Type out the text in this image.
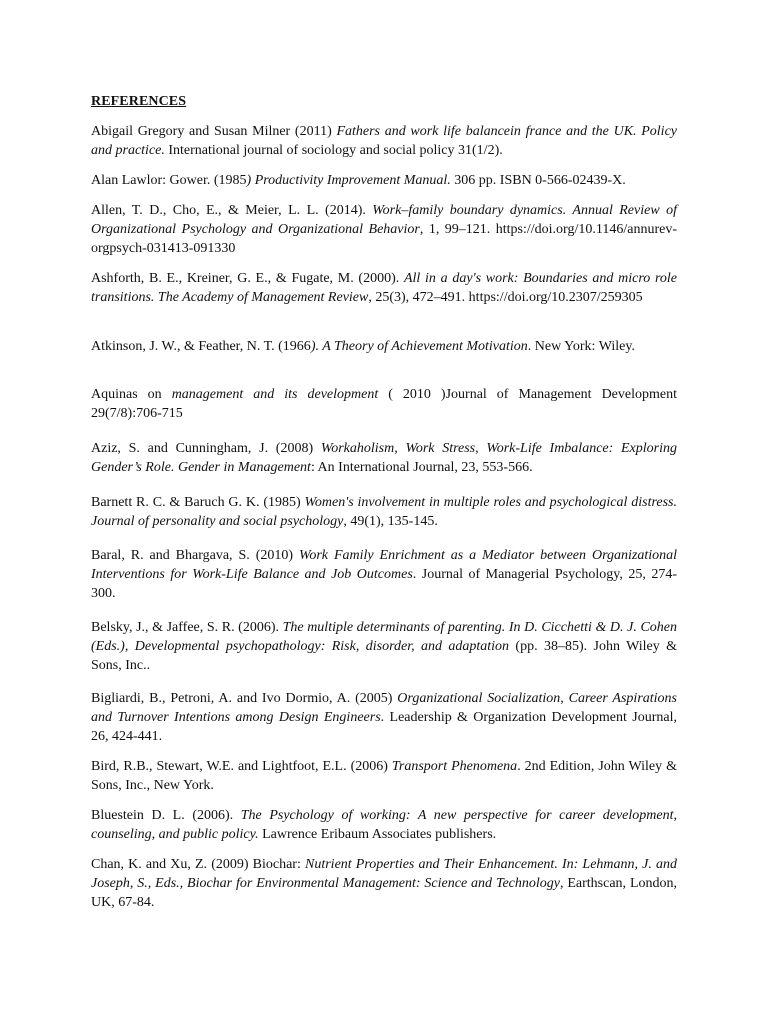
REFERENCES
Abigail Gregory and Susan Milner (2011) Fathers and work life balancein france and the UK. Policy and practice. International journal of sociology and social policy 31(1/2).
Alan Lawlor: Gower. (1985) Productivity Improvement Manual. 306 pp. ISBN 0-566-02439-X.
Allen, T. D., Cho, E., & Meier, L. L. (2014). Work–family boundary dynamics. Annual Review of Organizational Psychology and Organizational Behavior, 1, 99–121. https://doi.org/10.1146/annurev-orgpsych-031413-091330
Ashforth, B. E., Kreiner, G. E., & Fugate, M. (2000). All in a day's work: Boundaries and micro role transitions. The Academy of Management Review, 25(3), 472–491. https://doi.org/10.2307/259305
Atkinson, J. W., & Feather, N. T. (1966). A Theory of Achievement Motivation. New York: Wiley.
Aquinas on management and its development ( 2010 )Journal of Management Development 29(7/8):706-715
Aziz, S. and Cunningham, J. (2008) Workaholism, Work Stress, Work-Life Imbalance: Exploring Gender’s Role. Gender in Management: An International Journal, 23, 553-566.
Barnett R. C. & Baruch G. K. (1985) Women's involvement in multiple roles and psychological distress. Journal of personality and social psychology, 49(1), 135-145.
Baral, R. and Bhargava, S. (2010) Work Family Enrichment as a Mediator between Organizational Interventions for Work-Life Balance and Job Outcomes. Journal of Managerial Psychology, 25, 274-300.
Belsky, J., & Jaffee, S. R. (2006). The multiple determinants of parenting. In D. Cicchetti & D. J. Cohen (Eds.), Developmental psychopathology: Risk, disorder, and adaptation (pp. 38–85). John Wiley & Sons, Inc..
Bigliardi, B., Petroni, A. and Ivo Dormio, A. (2005) Organizational Socialization, Career Aspirations and Turnover Intentions among Design Engineers. Leadership & Organization Development Journal, 26, 424-441.
Bird, R.B., Stewart, W.E. and Lightfoot, E.L. (2006) Transport Phenomena. 2nd Edition, John Wiley & Sons, Inc., New York.
Bluestein D. L. (2006). The Psychology of working: A new perspective for career development, counseling, and public policy. Lawrence Eribaum Associates publishers.
Chan, K. and Xu, Z. (2009) Biochar: Nutrient Properties and Their Enhancement. In: Lehmann, J. and Joseph, S., Eds., Biochar for Environmental Management: Science and Technology, Earthscan, London, UK, 67-84.
